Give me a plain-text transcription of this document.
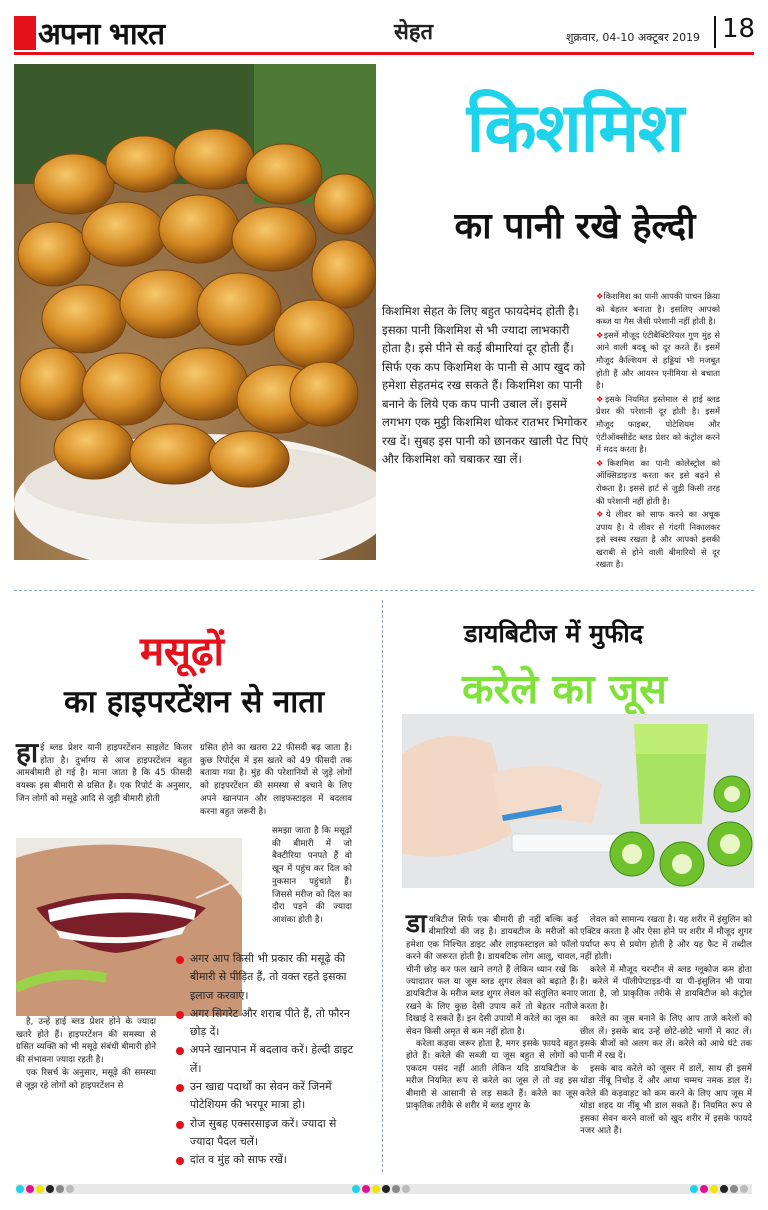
अपना भारत	सेहत	शुक्रवार, 04-10 अक्टूबर 2019 18
किशमिश
का पानी रखे हेल्दी
किशमिश सेहत के लिए बहुत फायदेमंद होती है। इसका पानी किशमिश से भी ज्यादा लाभकारी होता है। इसे पीने से कई बीमारियां दूर होती हैं। सिर्फ एक कप किशमिश के पानी से आप खुद को हमेशा सेहतमंद रख सकते हैं। किशमिश का पानी बनाने के लिये एक कप पानी उबाल लें। इसमें लगभग एक मुट्ठी किशमिश धोकर रातभर भिगोकर रख दें। सुबह इस पानी को छानकर खाली पेट पिएं और किशमिश को चबाकर खा लें।

❖किशमिश का पानी आपकी पाचन क्रिया को बेहतर बनाता है। इसलिए आपको कब्ज या गैस जैसी परेशानी नहीं होती है।

❖इसमें मौजूद एंटीबैक्टिरियल गुण मुंह से आने वाली बदबू को दूर करते हैं। इसमें मौजूद कैल्शियम से हड्डियां भी मजबूत होती हैं और आयरन एनीमिया से बचाता है।

❖इसके नियमित इस्तेमाल से हाई ब्लड प्रेशर की परेशानी दूर होती है। इसमें मौजूद फाइबर, पोटेशियम और एंटीऑक्सीडेंट ब्लड प्रेशर को कंट्रोल करने में मदद करता है।

❖किशमिश का पानी कोलेस्ट्रोल को ऑक्सिडाइज्ड करता कर इसे बढ़ने से रोकता है। इससे हार्ट से जुड़ी किसी तरह की परेशानी नहीं होती है।

❖ये लीवर को साफ करने का अचूक उपाय है। ये लीवर से गंदगी निकालकर इसे स्वस्थ रखता है और आपको इसकी खराबी से होने वाली बीमारियों से दूर रखता है।

मसूढ़ों
का हाइपरटेंशन से नाता
हाई ब्लड प्रेशर यानी हाइपरटेंशन साइलेंट किलर होता है। दुर्भाग्य से आज हाइपरटेंशन बहुत आमबीमारी हो गई है। माना जाता है कि 45 फीसदी वयस्क इस बीमारी से ग्रसित हैं। एक रिपोर्ट के अनुसार, जिन लोगों को मसूढ़े आदि से जुड़ी बीमारी होती
ग्रसित होने का खतरा 22 फीसदी बढ़ जाता है। कुछ रिपोर्ट्स में इस खतरे को 49 फीसदी तक बताया गया है। मुंह की परेशानियों से जुड़े लोगों को हाइपरटेंशन की समस्या से बचाने के लिए अपने खानपान और लाइफस्टाइल में बदलाव करना बहुत जरूरी है।
समझा जाता है कि मसूढ़ों की बीमारी में जो बैक्टीरिया पनपते हैं वो खून में पहुंच कर दिल को नुकसान पहुंचाते हैं। जिससे मरीज को दिल का दौरा पड़ने की ज्यादा आशंका होती है।

है, उन्हें हाई ब्लड प्रेशर होने के ज्यादा खतरे होते हैं। हाइपरटेंशन की समस्या से ग्रसित व्यक्ति को भी मसूढ़े संबंधी बीमारी होने की संभावना ज्यादा रहती है।

एक रिसर्च के अनुसार, मसूढ़े की समस्या से जूझ रहे लोगों को हाइपरटेंशन से

अगर आप किसी भी प्रकार की मसूढ़े की बीमारी से पीड़ित हैं, तो वक्त रहते इसका इलाज करवाएं।
अगर सिगरेट और शराब पीते हैं, तो फौरन छोड़ दें।
अपने खानपान में बदलाव करें। हेल्दी डाइट लें।
उन खाद्य पदार्थों का सेवन करें जिनमें पोटेशियम की भरपूर मात्रा हो।
रोज सुबह एक्सरसाइज करें। ज्यादा से ज्यादा पैदल चलें।
दांत व मुंह को साफ रखें।
डायबिटीज में मुफीद
करेले का जूस

डायबिटीज सिर्फ एक बीमारी ही नहीं बल्कि कई बीमारियों की जड़ है। डायबटीज के मरीजों को हमेशा एक निश्चित डाइट और लाइफस्टाइल को फॉलो करने की जरूरत होती है। डायबटिक लोग आलू, चावल, चीनी छोड़ कर फल खाने लगते हैं लेकिन ध्यान रखें कि ज्यादातर फल या जूस ब्लड शुगर लेवल को बढ़ाते हैं। डायबिटीज के मरीज ब्लड शुगर लेवल को संतुलित बनाए रखने के लिए कुछ देसी उपाय करें तो बेहतर नतीजे दिखाई दे सकते हैं। इन देसी उपायों में करेले का जूस का सेवन किसी अमृत से कम नहीं होता है।

करेला कड़वा जरूर होता है, मगर इसके फायदे बहुत होते हैं। करेले की सब्जी या जूस बहुत से लोगों को एकदम पसंद नहीं आती लेकिन यदि डायबिटीज के मरीज नियमित रूप से करेले का जूस लें तो वह इस बीमारी से आसानी से लड़ सकते हैं। करेले का जूस प्राकृतिक तरीके से शरीर में ब्लड शुगर के

लेवल को सामान्य रखता है। यह शरीर में इंसुलिन को एक्टिव करता है और ऐसा होने पर शरीर में मौजूद शुगर पर्याप्त रूप से प्रयोग होती है और यह फैट में तब्दील नहीं होती।

करेले में मौजूद चरन्टीन से ब्लड ग्लूकोज कम होता है। करेले में पॉलीपेप्टाइड-पी या पी-इंसुलिन भी पाया जाता है, जो प्राकृतिक तरीके से डायबिटीज को कंट्रोल करता है।

करेले का जूस बनाने के लिए आप ताजे करेलों को छील लें। इसके बाद उन्हें छोटे-छोटे भागों में काट लें। इसके बीजों को अलग कर लें। करेले को आधे घंटे तक पानी में रख दें।

इसके बाद करेले को जूसर में डालें, साथ ही इसमें थोड़ा नींबू निचोड़ दें और आधा चम्मच नमक डाल दें। करेले की कड़वाहट को कम करने के लिए आप जूस में थोड़ा शहद या नींबू भी डाल सकते हैं। नियमित रूप से इसका सेवन करने वालों को खुद शरीर में इसके फायदे नजर आते हैं।
